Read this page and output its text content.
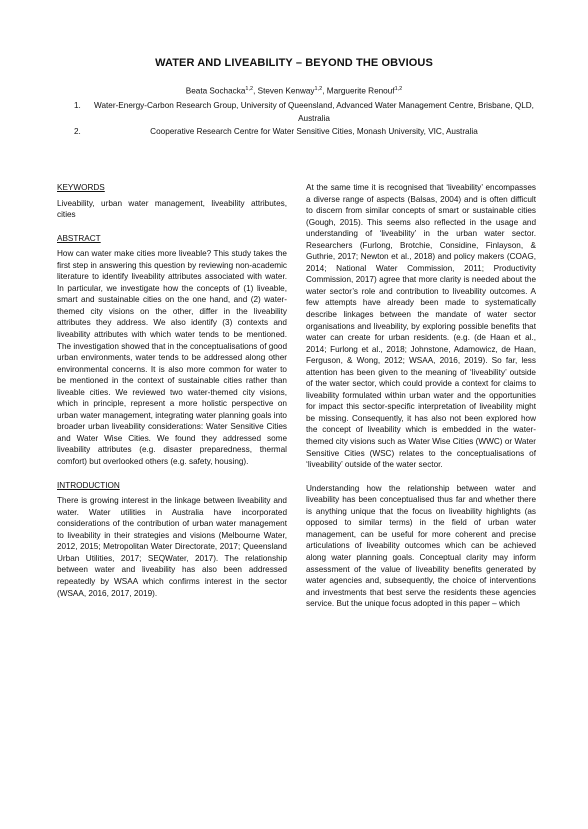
WATER AND LIVEABILITY – BEYOND THE OBVIOUS
Beata Sochacka$^{1,2}$, Steven Kenway$^{1,2}$, Marguerite Renouf$^{1,2}$
1.	Water-Energy-Carbon Research Group, University of Queensland, Advanced Water Management Centre, Brisbane, QLD, Australia
2.	Cooperative Research Centre for Water Sensitive Cities, Monash University, VIC, Australia

KEYWORDS

Liveability, urban water management, liveability attributes, cities

ABSTRACT

How can water make cities more liveable? This study takes the first step in answering this question by reviewing non-academic literature to identify liveability attributes associated with water. In particular, we investigate how the concepts of (1) liveable, smart and sustainable cities on the one hand, and (2) water-themed city visions on the other, differ in the liveability attributes they address. We also identify (3) contexts and liveability attributes with which water tends to be mentioned. The investigation showed that in the conceptualisations of good urban environments, water tends to be addressed along other environmental concerns. It is also more common for water to be mentioned in the context of sustainable cities rather than liveable cities. We reviewed two water-themed city visions, which in principle, represent a more holistic perspective on urban water management, integrating water planning goals into broader urban liveability considerations: Water Sensitive Cities and Water Wise Cities. We found they addressed some liveability attributes (e.g. disaster preparedness, thermal comfort) but overlooked others (e.g. safety, housing).

INTRODUCTION

There is growing interest in the linkage between liveability and water. Water utilities in Australia have incorporated considerations of the contribution of urban water management to liveability in their strategies and visions (Melbourne Water, 2012, 2015; Metropolitan Water Directorate, 2017; Queensland Urban Utilities, 2017; SEQWater, 2017). The relationship between water and liveability has also been addressed repeatedly by WSAA which confirms interest in the sector (WSAA, 2016, 2017, 2019).

At the same time it is recognised that ‘liveability’ encompasses a diverse range of aspects (Balsas, 2004) and is often difficult to discern from similar concepts of smart or sustainable cities (Gough, 2015). This seems also reflected in the usage and understanding of ‘liveability’ in the urban water sector. Researchers (Furlong, Brotchie, Considine, Finlayson, & Guthrie, 2017; Newton et al., 2018) and policy makers (COAG, 2014; National Water Commission, 2011; Productivity Commission, 2017) agree that more clarity is needed about the water sector’s role and contribution to liveability outcomes. A few attempts have already been made to systematically describe linkages between the mandate of water sector organisations and liveability, by exploring possible benefits that water can create for urban residents. (e.g. (de Haan et al., 2014; Furlong et al., 2018; Johnstone, Adamowicz, de Haan, Ferguson, & Wong, 2012; WSAA, 2016, 2019). So far, less attention has been given to the meaning of ‘liveability’ outside of the water sector, which could provide a context for claims to liveability formulated within urban water and the opportunities for impact this sector-specific interpretation of liveability might be missing. Consequently, it has also not been explored how the concept of liveability which is embedded in the water-themed city visions such as Water Wise Cities (WWC) or Water Sensitive Cities (WSC) relates to the conceptualisations of ‘liveability’ outside of the water sector.

Understanding how the relationship between water and liveability has been conceptualised thus far and whether there is anything unique that the focus on liveability highlights (as opposed to similar terms) in the field of urban water management, can be useful for more coherent and precise articulations of liveability outcomes which can be achieved along water planning goals. Conceptual clarity may inform assessment of the value of liveability benefits generated by water agencies and, subsequently, the choice of interventions and investments that best serve the residents these agencies service. But the unique focus adopted in this paper – which
